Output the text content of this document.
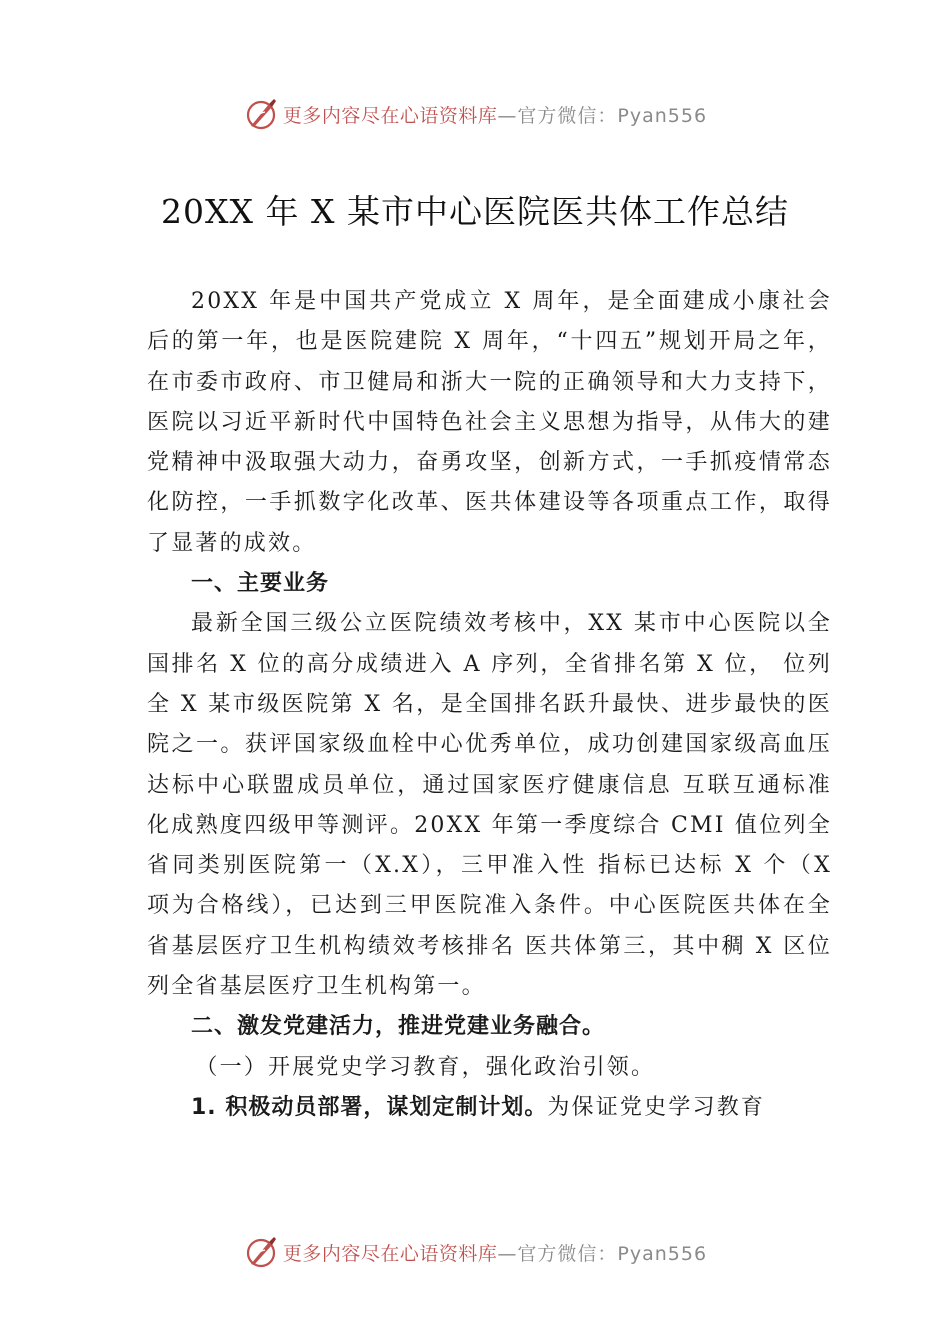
更多内容尽在心语资料库 —官方微信：Pyan556
20XX 年 X 某市中心医院医共体工作总结

20XX 年是中国共产党成立 X 周年，是全面建成小康社会后的第一年，也是医院建院 X 周年，“十四五”规划开局之年，在市委市政府、市卫健局和浙大一院的正确领导和大力支持下，医院以习近平新时代中国特色社会主义思想为指导，从伟大的建党精神中汲取强大动力，奋勇攻坚，创新方式，一手抓疫情常态化防控，一手抓数字化改革、医共体建设等各项重点工作，取得了显著的成效。

一、主要业务

最新全国三级公立医院绩效考核中，XX 某市中心医院以全国排名 X 位的高分成绩进入 A 序列，全省排名第 X 位， 位列全 X 某市级医院第 X 名，是全国排名跃升最快、进步最快的医院之一。获评国家级血栓中心优秀单位，成功创建国家级高血压达标中心联盟成员单位，通过国家医疗健康信息 互联互通标准化成熟度四级甲等测评。20XX 年第一季度综合 CMI 值位列全省同类别医院第一（X.X），三甲准入性 指标已达标 X 个（X 项为合格线），已达到三甲医院准入条件。中心医院医共体在全省基层医疗卫生机构绩效考核排名 医共体第三，其中稠 X 区位列全省基层医疗卫生机构第一。

二、激发党建活力，推进党建业务融合。

（一）开展党史学习教育，强化政治引领。

1. 积极动员部署，谋划定制计划。为保证党史学习教育

更多内容尽在心语资料库 —官方微信：Pyan556
